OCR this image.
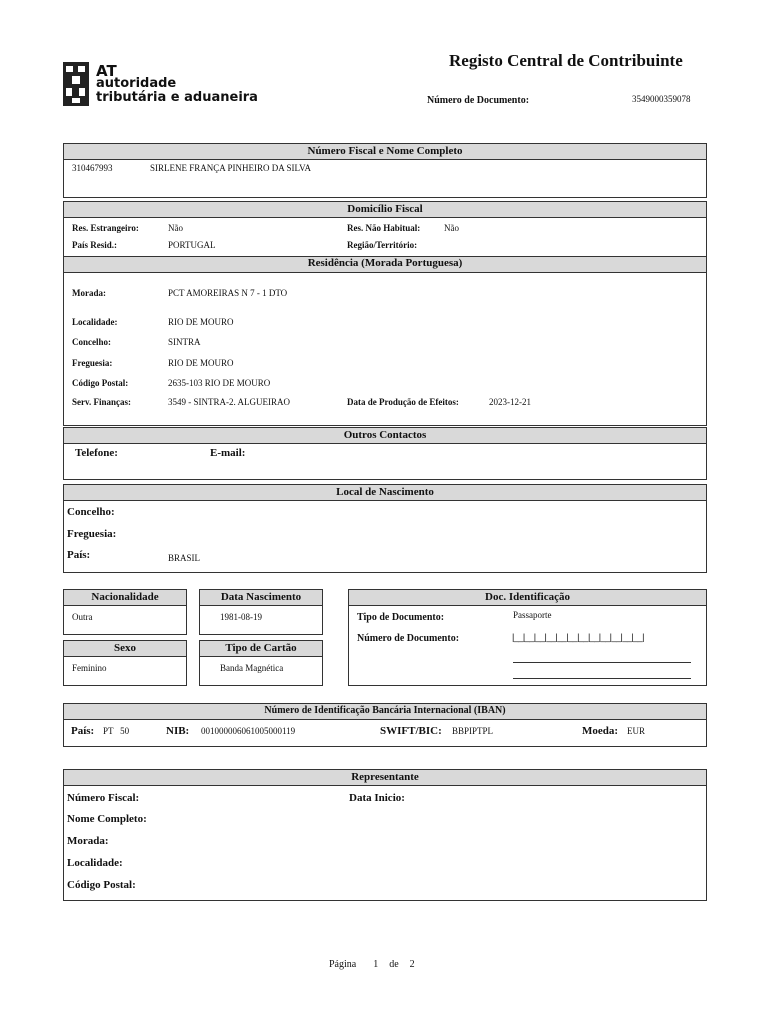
AT
autoridade
tributária e aduaneira
Registo Central de Contribuinte
Número de Documento:	3549000359078
Número Fiscal e Nome Completo
310467993	SIRLENE FRANÇA PINHEIRO DA SILVA
Domicílio Fiscal
Res. Estrangeiro:	Não	Res. Não Habitual:	Não
País Resid.:	PORTUGAL	Região/Território:
Residência (Morada Portuguesa)
Morada:	PCT AMOREIRAS N 7 - 1 DTO
Localidade:	RIO DE MOURO
Concelho:	SINTRA
Freguesia:	RIO DE MOURO
Código Postal:	2635-103 RIO DE MOURO
Serv. Finanças:	3549 - SINTRA-2. ALGUEIRAO	Data de Produção de Efeitos:	2023-12-21
Outros Contactos
Telefone:	E-mail:
Local de Nascimento
Concelho:
Freguesia:
País:	BRASIL
Nacionalidade
Outra
Data Nascimento
1981-08-19
Sexo
Feminino
Tipo de Cartão
Banda Magnética
Doc. Identificação
Tipo de Documento:	Passaporte
Número de Documento:	|__|__|__|__|__|__|__|__|__|__|__|__|
Número de Identificação Bancária Internacional (IBAN)
País: PT   50	NIB: 001000006061005000119	SWIFT/BIC: BBPIPTPL	Moeda: EUR
Representante
Número Fiscal:	Data Inicio:
Nome Completo:
Morada:
Localidade:
Código Postal:
Página 1 de 2
